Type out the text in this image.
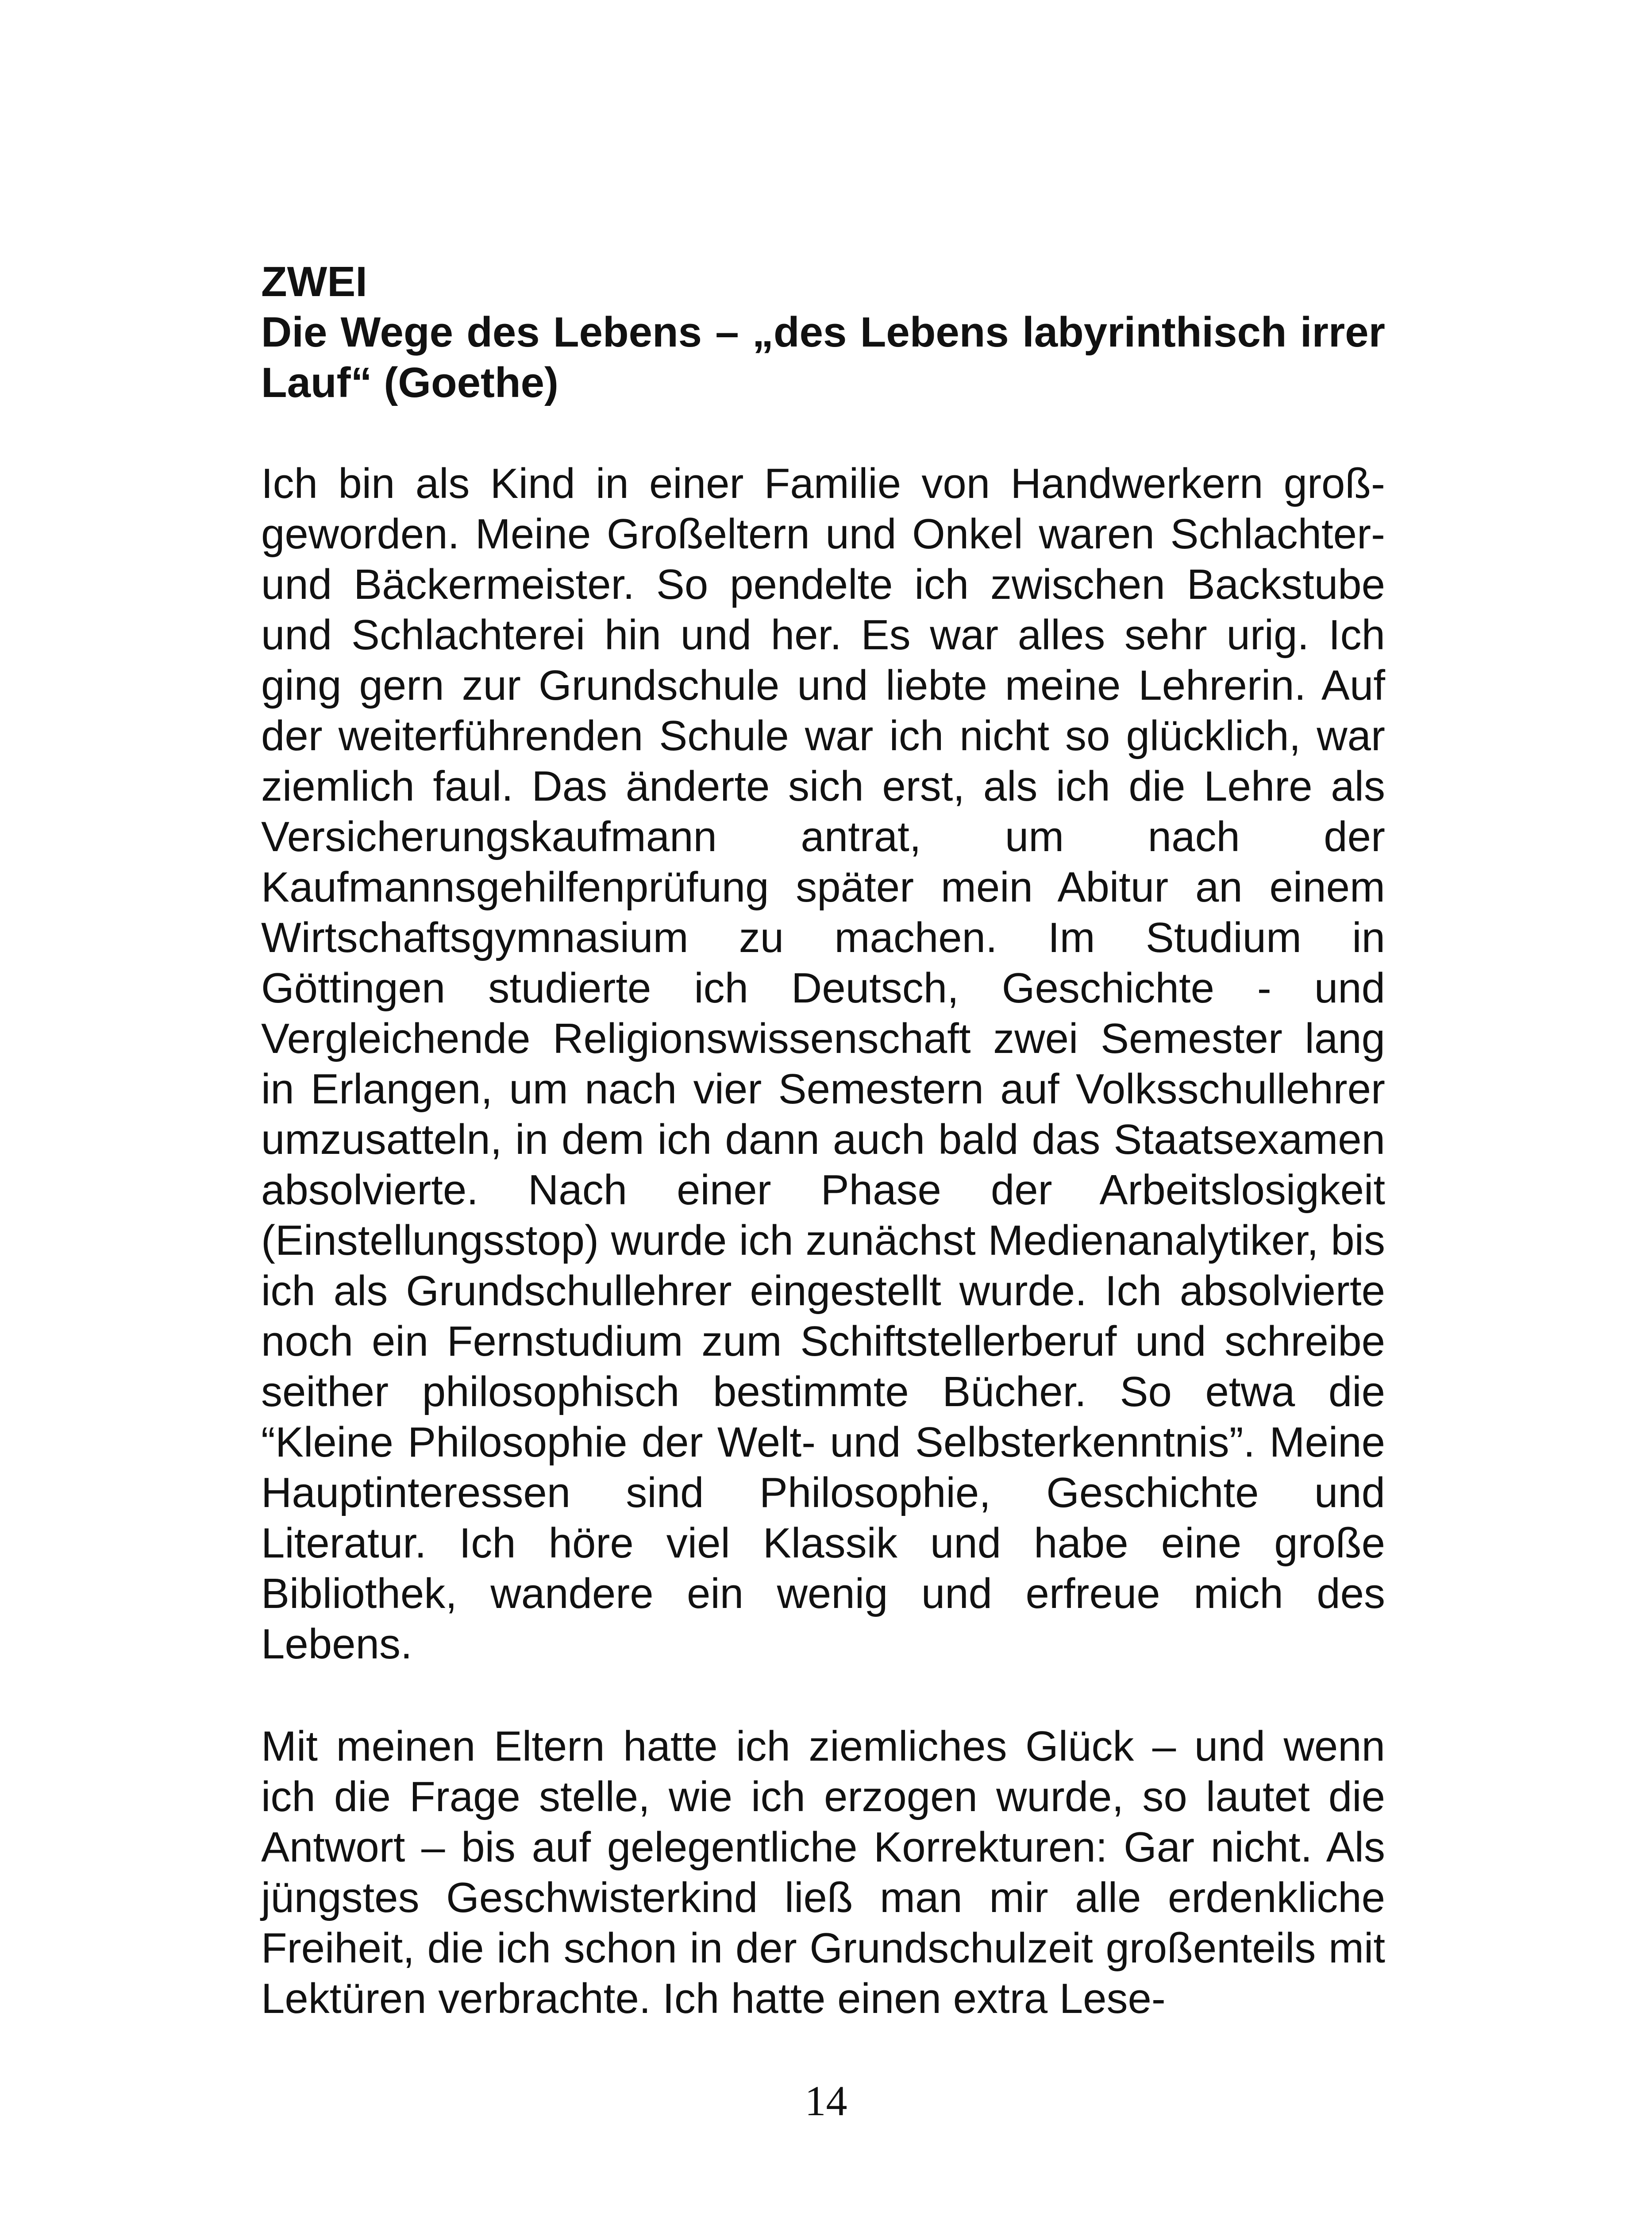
ZWEI
Die Wege des Lebens – „des Lebens labyrinthisch irrer Lauf“ (Goethe)
Ich bin als Kind in einer Familie von Handwerkern groß-geworden. Meine Großeltern und Onkel waren Schlachter- und Bäckermeister. So pendelte ich zwischen Backstube und Schlachterei hin und her. Es war alles sehr urig. Ich ging gern zur Grundschule und liebte meine Lehrerin. Auf der weiterführenden Schule war ich nicht so glücklich, war ziemlich faul. Das änderte sich erst, als ich die Lehre als Versicherungskaufmann antrat, um nach der Kaufmannsgehilfenprüfung später mein Abitur an einem Wirtschaftsgymnasium zu machen. Im Studium in Göttingen studierte ich Deutsch, Geschichte - und Vergleichende Religionswissenschaft zwei Semester lang in Erlangen, um nach vier Semestern auf Volksschullehrer umzusatteln, in dem ich dann auch bald das Staatsexamen absolvierte. Nach einer Phase der Arbeitslosigkeit (Einstellungsstop) wurde ich zunächst Medienanalytiker, bis ich als Grundschullehrer eingestellt wurde. Ich absolvierte noch ein Fernstudium zum Schiftstellerberuf und schreibe seither philosophisch bestimmte Bücher. So etwa die “Kleine Philosophie der Welt- und Selbsterkenntnis”. Meine Hauptinteressen sind Philosophie, Geschichte und Literatur. Ich höre viel Klassik und habe eine große Bibliothek, wandere ein wenig und erfreue mich des Lebens.
Mit meinen Eltern hatte ich ziemliches Glück – und wenn ich die Frage stelle, wie ich erzogen wurde, so lautet die Antwort – bis auf gelegentliche Korrekturen: Gar nicht. Als jüngstes Geschwisterkind ließ man mir alle erdenkliche Freiheit, die ich schon in der Grundschulzeit großenteils mit Lektüren verbrachte. Ich hatte einen extra Lese-
14
